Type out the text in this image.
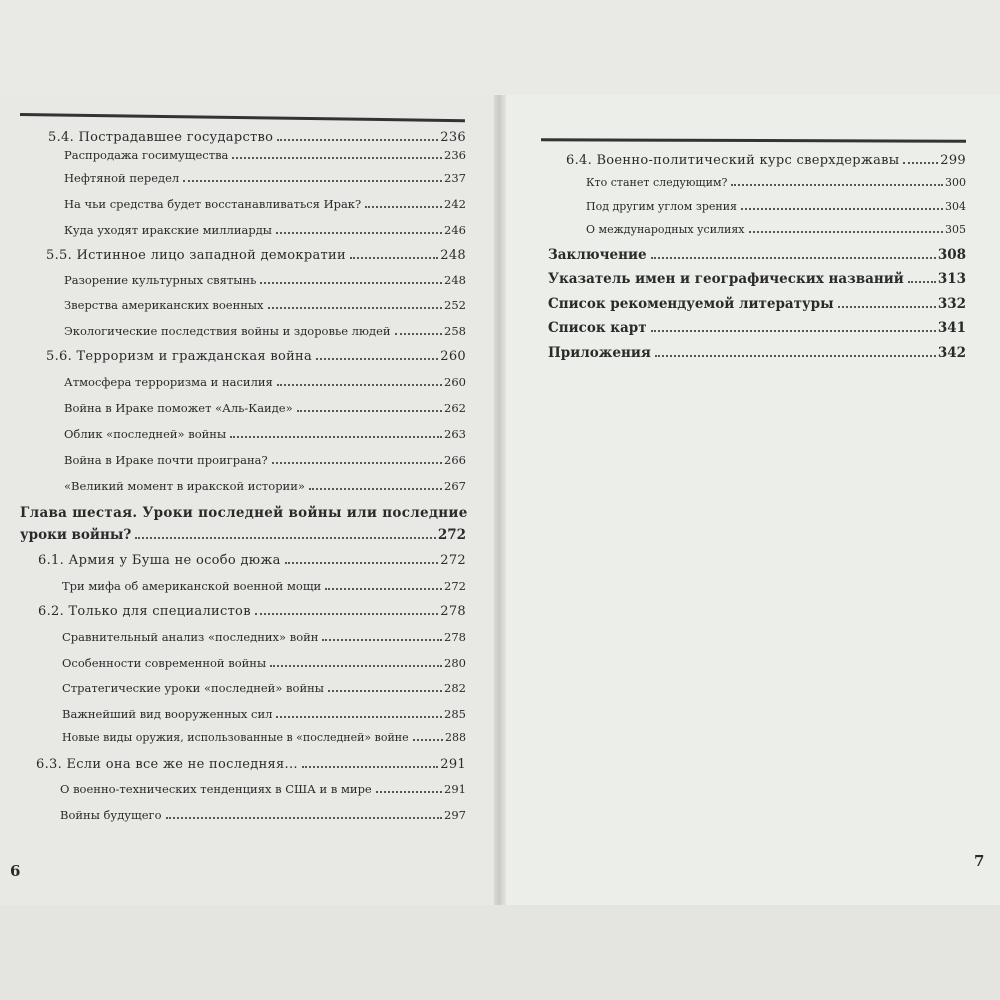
5.4. Пострадавшее государство	236
Распродажа госимущества	236
Нефтяной передел	237
На чьи средства будет восстанавливаться Ирак?	242
Куда уходят иракские миллиарды	246
5.5. Истинное лицо западной демократии	248
Разорение культурных святынь	248
Зверства американских военных	252
Экологические последствия войны и здоровье людей	258
5.6. Терроризм и гражданская война	260
Атмосфера терроризма и насилия	260
Война в Ираке поможет «Аль-Каиде»	262
Облик «последней» войны	263
Война в Ираке почти проиграна?	266
«Великий момент в иракской истории»	267
Глава шестая. Уроки последней войны или последние
уроки войны?	272
6.1. Армия у Буша не особо дюжа	272
Три мифа об американской военной мощи	272
6.2. Только для специалистов	278
Сравнительный анализ «последних» войн	278
Особенности современной войны	280
Стратегические уроки «последней» войны	282
Важнейший вид вооруженных сил	285
Новые виды оружия, использованные в «последней» войне	288
6.3. Если она все же не последняя...	291
О военно-технических тенденциях в США и в мире	291
Войны будущего	297
6
6.4. Военно-политический курс сверхдержавы	299
Кто станет следующим?	300
Под другим углом зрения	304
О международных усилиях	305
Заключение	308
Указатель имен и географических названий	313
Список рекомендуемой литературы	332
Список карт	341
Приложения	342
7
